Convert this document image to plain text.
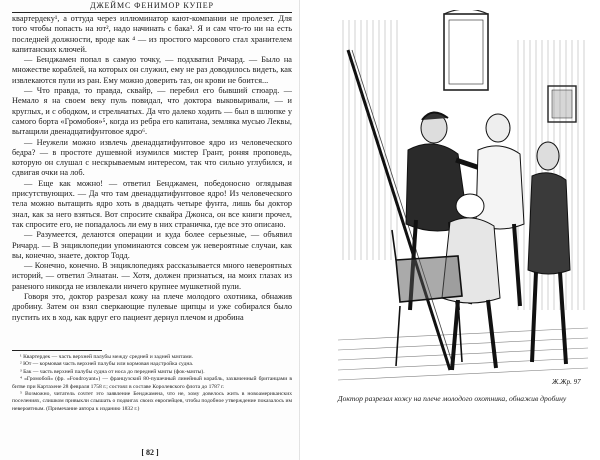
ДЖЕЙМС ФЕНИМОР КУПЕР

квартердеку¹, а оттуда через иллюминатор кают-компании не пролезет. Для того чтобы попасть на ют², надо начинать с бака³. Я и сам что-то ни на есть последней должности, вроде как ⁴ — из простого марсового стал хранителем капитанских ключей.

— Бенджамен попал в самую точку, — подхватил Ричард. — Было на множестве кораблей, на которых он служил, ему не раз доводилось видеть, как извлекаются пули из ран. Ему можно доверить таз, он крови не боится...

— Что правда, то правда, сквайр, — перебил его бывший стюард. — Немало я на своем веку пуль повидал, что доктора выковыривали, — и круглых, и с ободком, и стрельчатых. Да что далеко ходить — был в шлюпке у самого борта «Громобоя»⁵, когда из ребра его капитана, земляка мусью Леквы, вытащили двенадцатифунтовое ядро⁶.

— Неужели можно извлечь двенадцатифунтовое ядро из человеческого бедра? — в простоте душевной изумился мистер Грант, роняя проповедь, которую он слушал с нескрываемым интересом, так что сильно углубился, и сдвигая очки на лоб.

— Еще как можно! — ответил Бенджамен, победоносно оглядывая присутствующих. — Да что там двенадцатифунтовое ядро! Из человеческого тела можно вытащить ядро хоть в двадцать четыре фунта, лишь бы доктор знал, как за него взяться. Вот спросите сквайра Джонса, он все книги прочел, так спросите его, не попадалось ли ему в них страничка, где все это описано.

— Разумеется, делаются операции и куда более серьезные, — объявил Ричард. — В энциклопедии упоминаются совсем уж невероятные случаи, как вы, конечно, знаете, доктор Тодд.

— Конечно, конечно. В энциклопедиях рассказывается много невероятных историй, — ответил Элнатан. — Хотя, должен признаться, на моих глазах из раненого никогда не извлекали ничего крупнее мушкетной пули.

Говоря это, доктор разрезал кожу на плече молодого охотника, обнажив дробину. Затем он взял сверкающие пулевые щипцы и уже собирался было пустить их в ход, как вдруг его пациент дернул плечом и дробина

¹ Квартердек — часть верхней палубы между средней и задней мачтами.
² Ют — кормовая часть верхней палубы или кормовая надстройка судна.
³ Бак — часть верхней палубы судна от носа до передней мачты (фок-мачты).
⁴ «Громобой» (фр. «Foudroyant») — французский 80-пушечный линейный корабль, захваченный британцами в битве при Картахене 28 февраля 1758 г.; состоял в составе Королевского флота до 1787 г.
⁵ Возможно, читатель сочтет это заявление Бенджамена, что не, хому довелось жить в новоамериканских поселениях, слишком привыкли слышать о подвигах своих европейцев, чтобы подобное утверждение показалось им невероятным. (Примечание автора к изданию 1832 г.)
[ 82 ]
Ж.Жр. 97
Доктор разрезал кожу на плече молодого охотника, обнажив дробину
